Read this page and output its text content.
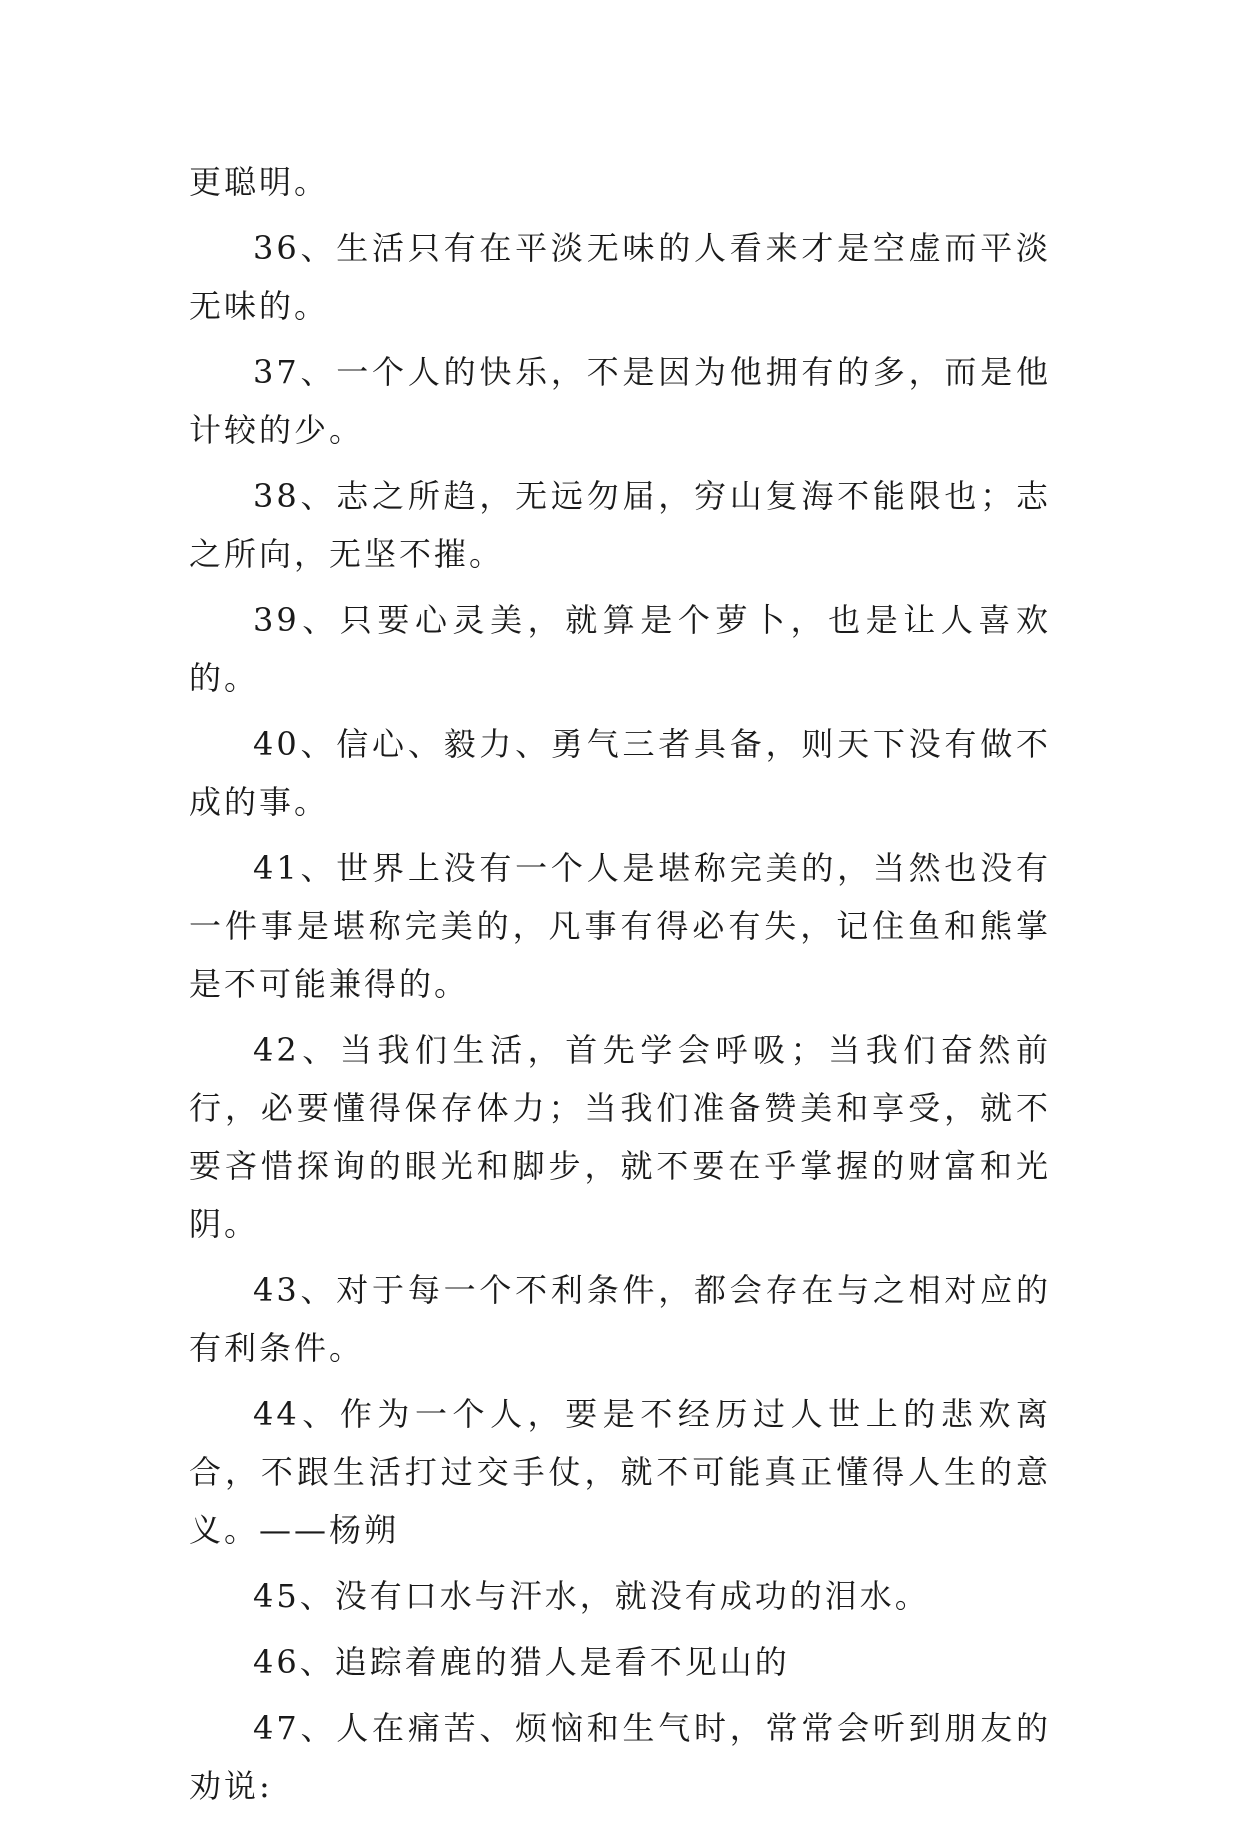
更聪明。

36、生活只有在平淡无味的人看来才是空虚而平淡无味的。

37、一个人的快乐，不是因为他拥有的多，而是他计较的少。

38、志之所趋，无远勿届，穷山复海不能限也；志之所向，无坚不摧。

39、只要心灵美，就算是个萝卜，也是让人喜欢的。

40、信心、毅力、勇气三者具备，则天下没有做不成的事。

41、世界上没有一个人是堪称完美的，当然也没有一件事是堪称完美的，凡事有得必有失，记住鱼和熊掌是不可能兼得的。

42、当我们生活，首先学会呼吸；当我们奋然前行，必要懂得保存体力；当我们准备赞美和享受，就不要吝惜探询的眼光和脚步，就不要在乎掌握的财富和光阴。

43、对于每一个不利条件，都会存在与之相对应的有利条件。

44、作为一个人，要是不经历过人世上的悲欢离合，不跟生活打过交手仗，就不可能真正懂得人生的意义。——杨朔

45、没有口水与汗水，就没有成功的泪水。

46、追踪着鹿的猎人是看不见山的

47、人在痛苦、烦恼和生气时，常常会听到朋友的劝说:
